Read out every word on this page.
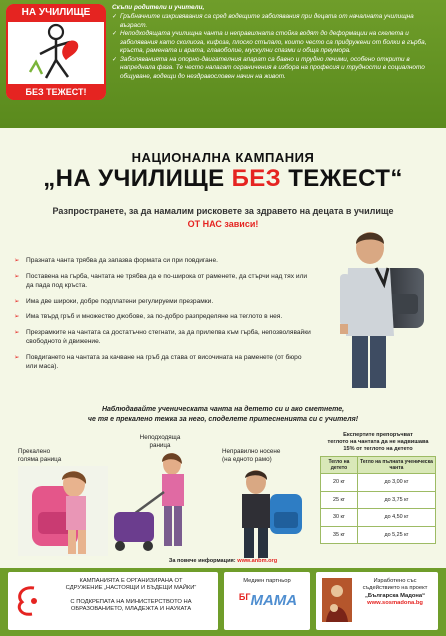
НА УЧИЛИЩЕ
БЕЗ ТЕЖЕСТ!
Скъпи родители и учители,
✓ Гръбначните изкривявания са сред водещите заболявания при децата от началната училищна възраст.
✓ Неподходящата училищна чанта и неправилната стойка водят до деформации на скелета и заболявания като сколиоза, кифоза, плоско стъпало, които често са придружени от болки в гърба, кръста, рамената и врата, главоболие, мускулни спазми и обща преумора.
✓ Заболяванията на опорно-двигателния апарат са бавно и трудно лечими, особено открити в напреднала фаза. Те често налагат ограничения в избора на професия и трудности в социалното общуване, водещи до нездравословен начин на живот.
НАЦИОНАЛНА КАМПАНИЯ
„НА УЧИЛИЩЕ БЕЗ ТЕЖЕСТ“
Разпространете, за да намалим рисковете за здравето на децата в училище
ОТ НАС зависи!
➢ Празната чанта трябва да запазва формата си при повдигане.
➢ Поставена на гърба, чантата не трябва да е по-широка от раменете, да стърчи над тях или да пада под кръста.
➢ Има две широки, добре подплатени регулируеми презрамки.
➢ Има твърд гръб и множество джобове, за по-добро разпределяне на теглото в нея.
➢ Презрамките на чантата са достатъчно стегнати, за да прилепва към гърба, непозволявайки свободното ѝ движение.
➢ Повдигането на чантата за качване на гръб да става от височината на раменете (от бюро или маса).
Наблюдавайте ученическата чанта на детето си и ако сметнете,
че тя е прекалено тежка за него, споделете притесненията си с учителя!
Прекалено
голяма раница
Неподходяща
раница
Неправилно носене
(на едното рамо)
Експертите препоръчват
теглото на чантата да не надвишава
15% от теглото на детето
Тегло на детето	Тегло на пълната ученическа чанта
20 кг	до 3,00 кг
25 кг	до 3,75 кг
30 кг	до 4,50 кг
35 кг	до 5,25 кг
За повече информация: www.anbm.org
КАМПАНИЯТА Е ОРГАНИЗИРАНА ОТ
СДРУЖЕНИЕ „НАСТОЯЩИ И БЪДЕЩИ МАЙКИ“
С ПОДКРЕПАТА НА МИНИСТЕРСТВОТО НА
ОБРАЗОВАНИЕТО, МЛАДЕЖТА И НАУКАТА
Медиен партньор
$^{БГ}$МАМА
Изработено със
съдействието на проект
„Българска Мадона“
www.sosmadona.bg
